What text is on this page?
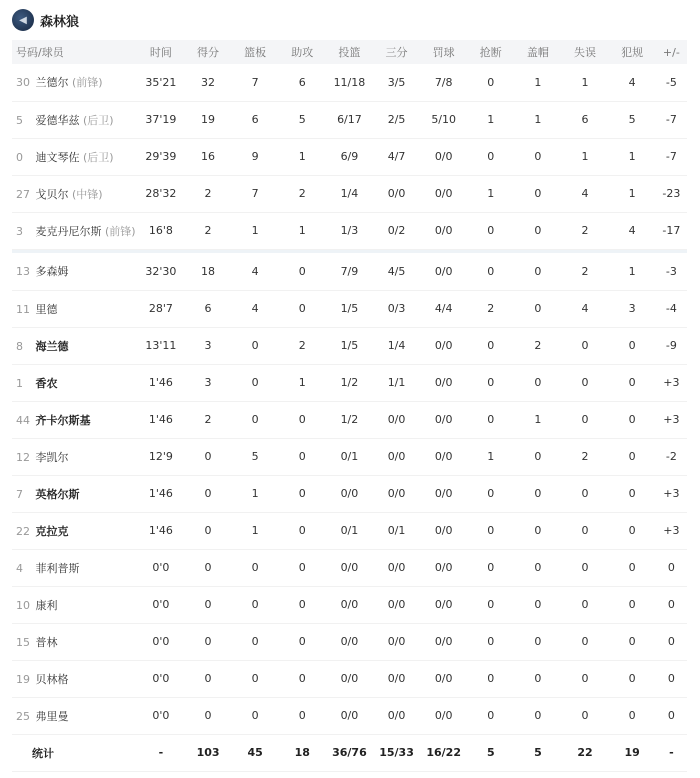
◀	森林狼
号码/球员	时间	得分	篮板	助攻	投篮	三分	罚球	抢断	盖帽	失误	犯规	+/-
30 兰德尔 (前锋)	35'21	32	7	6	11/18	3/5	7/8	0	1	1	4	-5
5 爱德华兹 (后卫)	37'19	19	6	5	6/17	2/5	5/10	1	1	6	5	-7
0 迪文琴佐 (后卫)	29'39	16	9	1	6/9	4/7	0/0	0	0	1	1	-7
27 戈贝尔 (中锋)	28'32	2	7	2	1/4	0/0	0/0	1	0	4	1	-23
3 麦克丹尼尔斯 (前锋)	16'8	2	1	1	1/3	0/2	0/0	0	0	2	4	-17

13 多森姆	32'30	18	4	0	7/9	4/5	0/0	0	0	2	1	-3
11 里德	28'7	6	4	0	1/5	0/3	4/4	2	0	4	3	-4
8 海兰德	13'11	3	0	2	1/5	1/4	0/0	0	2	0	0	-9
1 香农	1'46	3	0	1	1/2	1/1	0/0	0	0	0	0	+3
44 齐卡尔斯基	1'46	2	0	0	1/2	0/0	0/0	0	1	0	0	+3
12 李凯尔	12'9	0	5	0	0/1	0/0	0/0	1	0	2	0	-2
7 英格尔斯	1'46	0	1	0	0/0	0/0	0/0	0	0	0	0	+3
22 克拉克	1'46	0	1	0	0/1	0/1	0/0	0	0	0	0	+3
4 菲利普斯	0'0	0	0	0	0/0	0/0	0/0	0	0	0	0	0
10 康利	0'0	0	0	0	0/0	0/0	0/0	0	0	0	0	0
15 普林	0'0	0	0	0	0/0	0/0	0/0	0	0	0	0	0
19 贝林格	0'0	0	0	0	0/0	0/0	0/0	0	0	0	0	0
25 弗里曼	0'0	0	0	0	0/0	0/0	0/0	0	0	0	0	0
统计	-	103	45	18	36/76	15/33	16/22	5	5	22	19	-
